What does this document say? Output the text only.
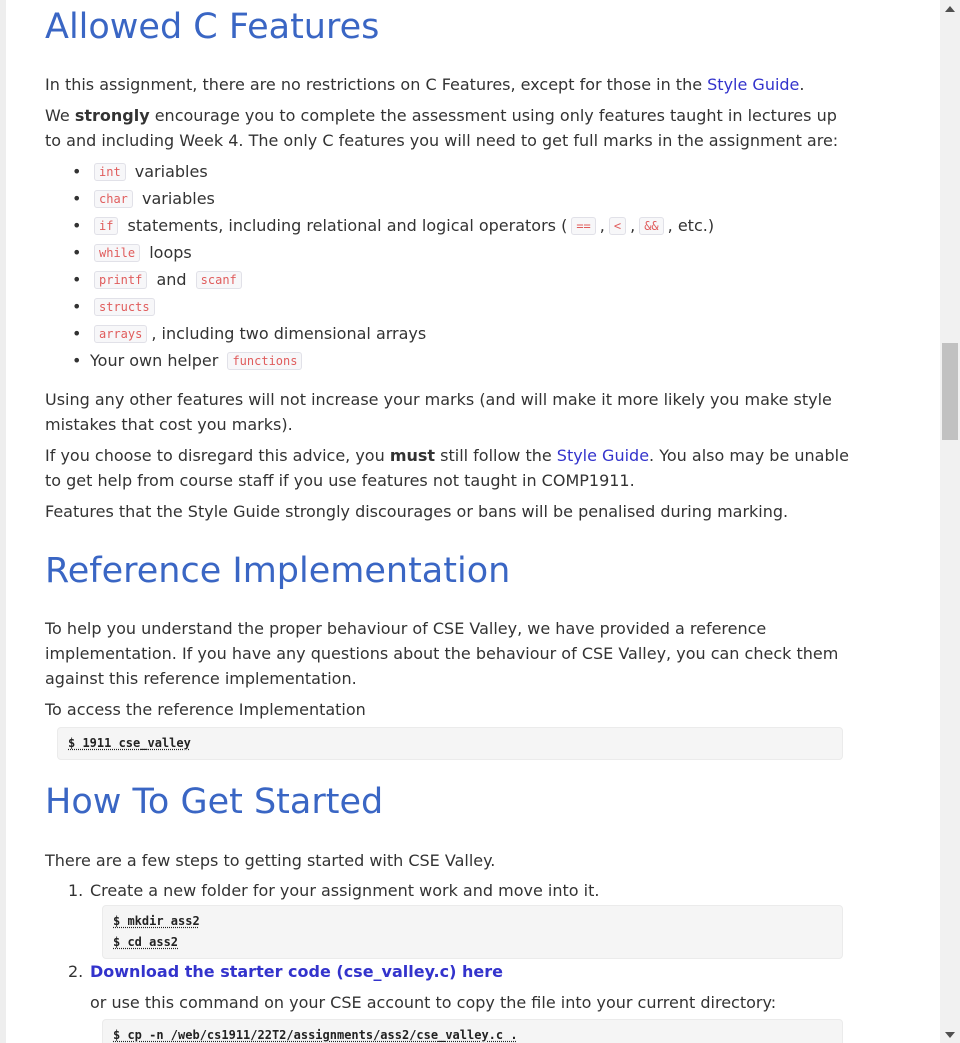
Allowed C Features

In this assignment, there are no restrictions on C Features, except for those in the Style Guide.

We strongly encourage you to complete the assessment using only features taught in lectures up to and including Week 4. The only C features you will need to get full marks in the assignment are:

• int variables
• char variables
• if statements, including relational and logical operators ( == , < , && , etc.)
• while loops
• printf and scanf
• structs
• arrays , including two dimensional arrays
• Your own helper functions

Using any other features will not increase your marks (and will make it more likely you make style mistakes that cost you marks).

If you choose to disregard this advice, you must still follow the Style Guide. You also may be unable to get help from course staff if you use features not taught in COMP1911.

Features that the Style Guide strongly discourages or bans will be penalised during marking.

Reference Implementation

To help you understand the proper behaviour of CSE Valley, we have provided a reference implementation. If you have any questions about the behaviour of CSE Valley, you can check them against this reference implementation.

To access the reference Implementation

$ 1911 cse_valley
How To Get Started

There are a few steps to getting started with CSE Valley.

1. Create a new folder for your assignment work and move into it.

$ mkdir ass2
$ cd ass2
2. Download the starter code (cse_valley.c) here

or use this command on your CSE account to copy the file into your current directory:

$ cp -n /web/cs1911/22T2/assignments/ass2/cse_valley.c .
